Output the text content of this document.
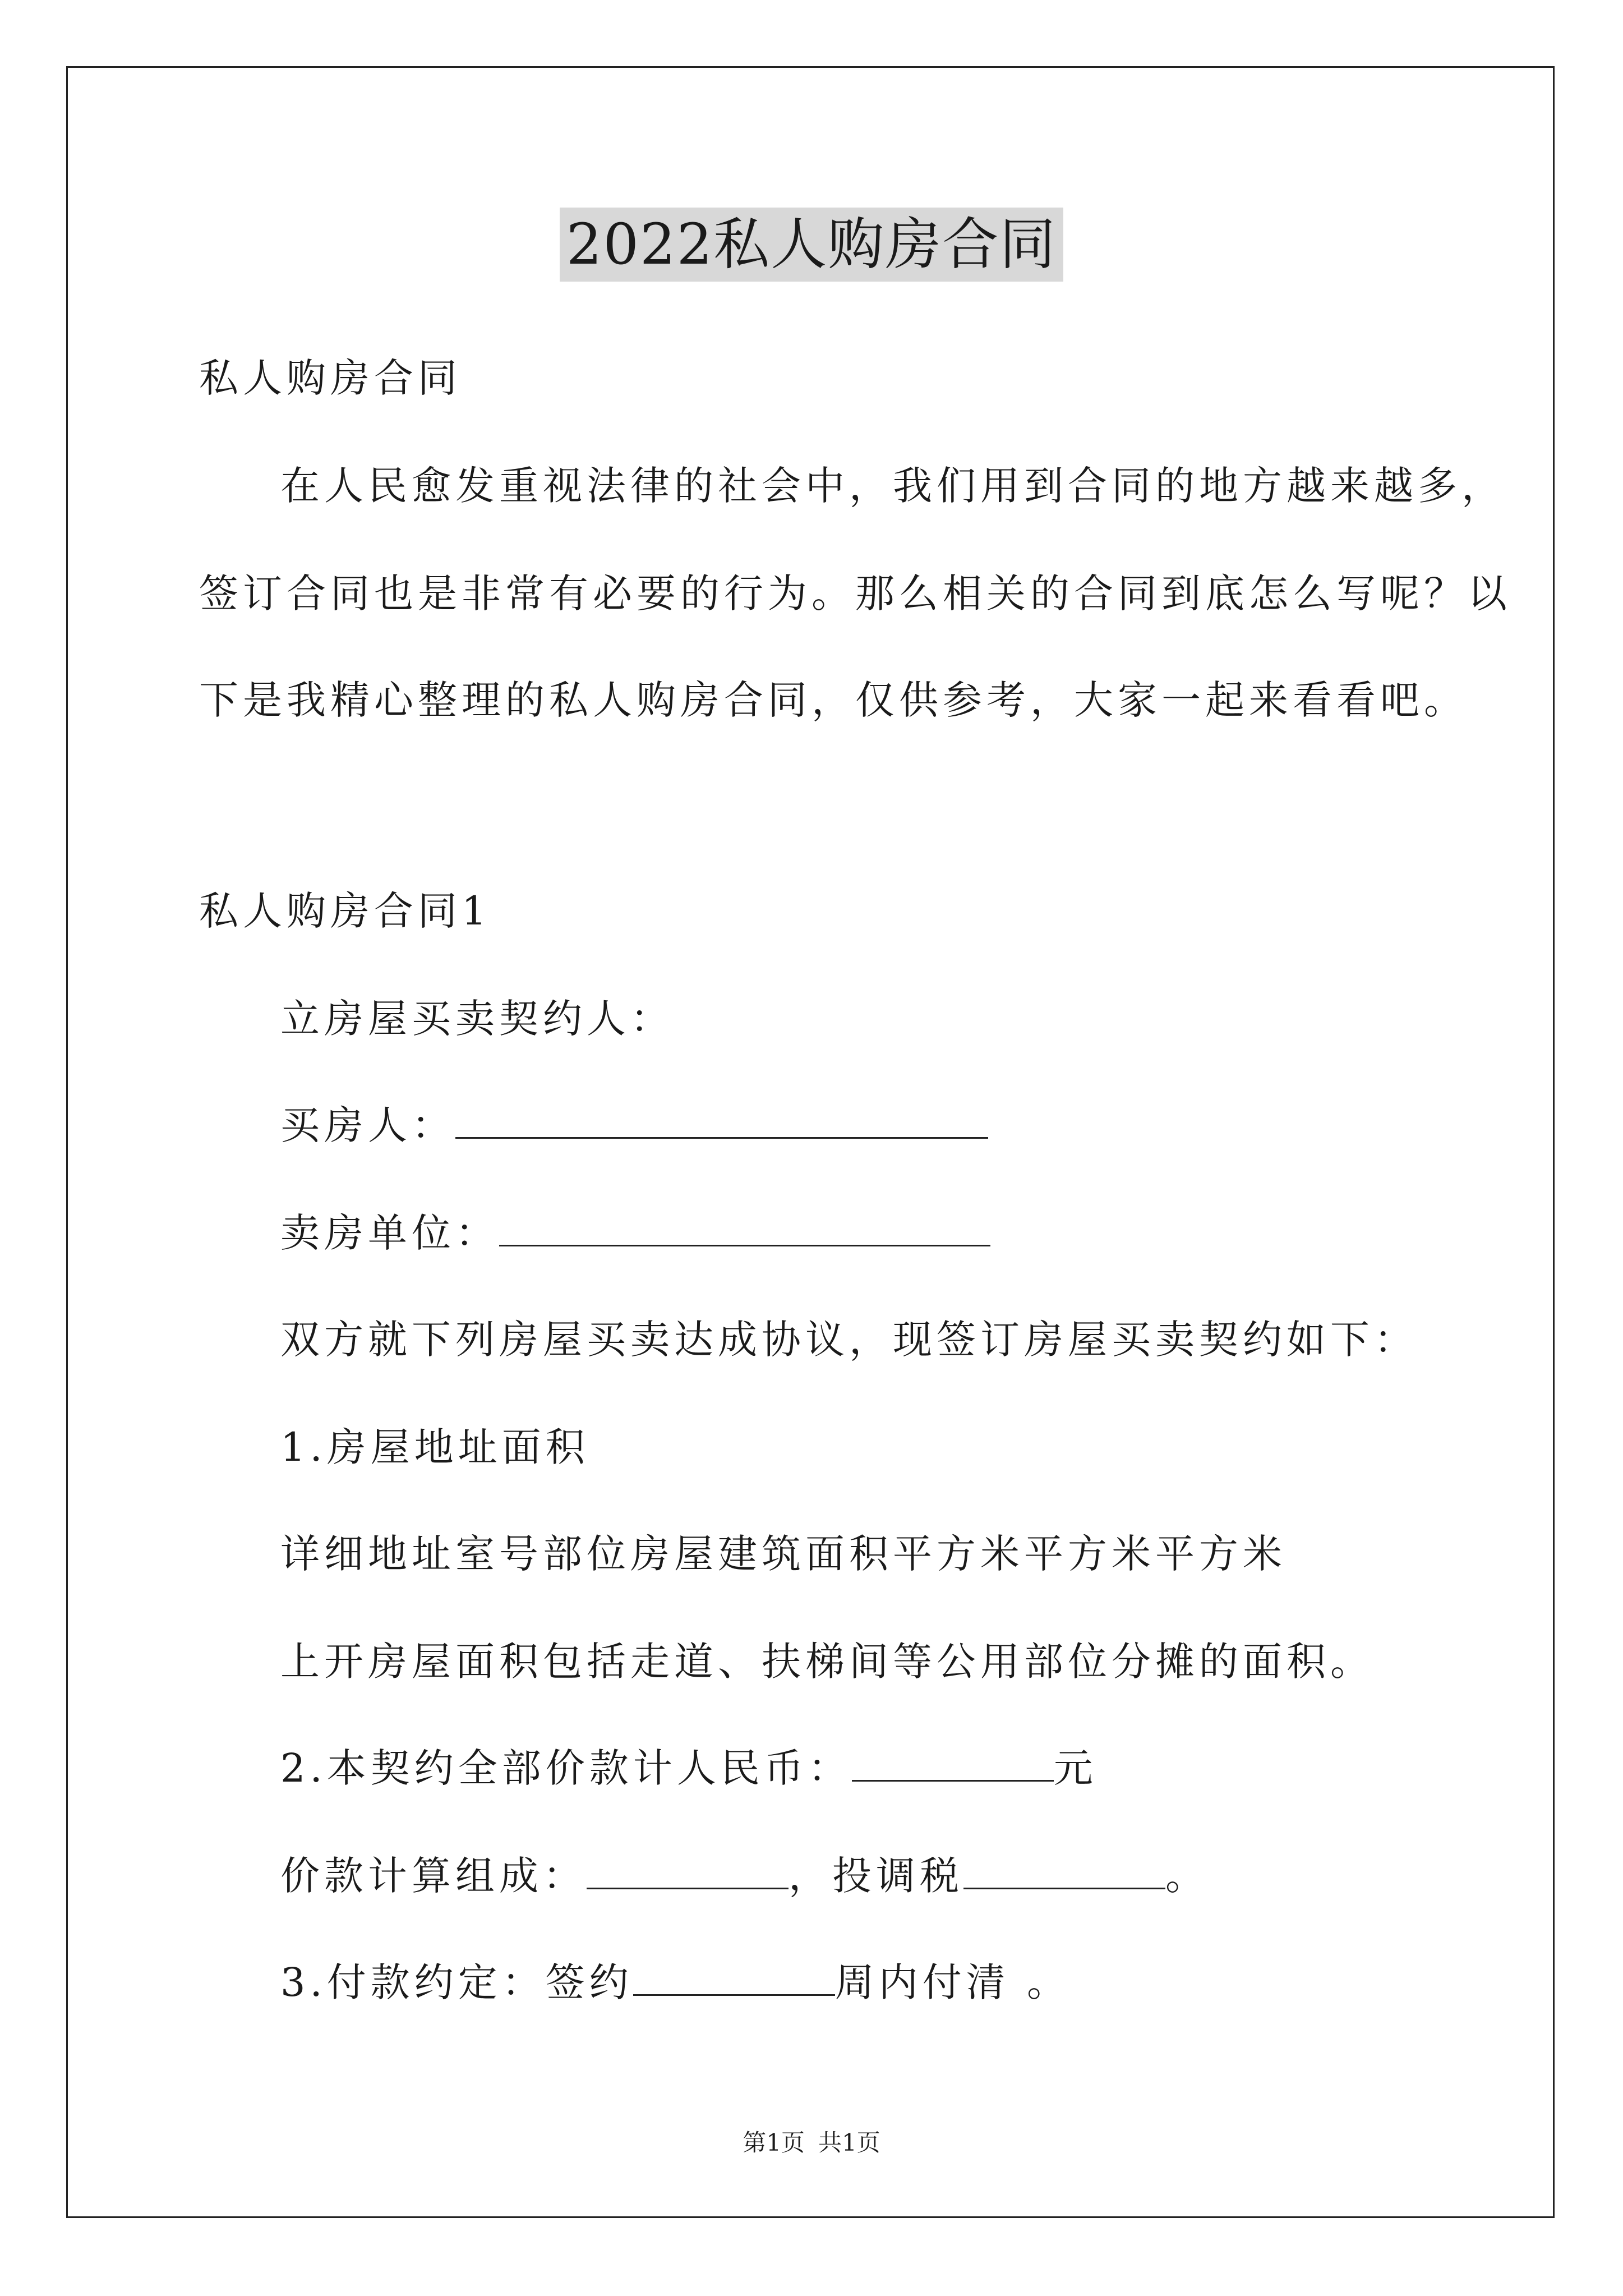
2022私人购房合同
私人购房合同
在人民愈发重视法律的社会中，我们用到合同的地方越来越多，
签订合同也是非常有必要的行为。那么相关的合同到底怎么写呢？以
下是我精心整理的私人购房合同，仅供参考，大家一起来看看吧。
私人购房合同1
立房屋买卖契约人：
买房人：
卖房单位：
双方就下列房屋买卖达成协议，现签订房屋买卖契约如下：
1.房屋地址面积
详细地址室号部位房屋建筑面积平方米平方米平方米
上开房屋面积包括走道、扶梯间等公用部位分摊的面积。
2.本契约全部价款计人民币：	元
价款计算组成：	，投调税	。
3.付款约定：签约	周内付清 。
第1页 共1页
